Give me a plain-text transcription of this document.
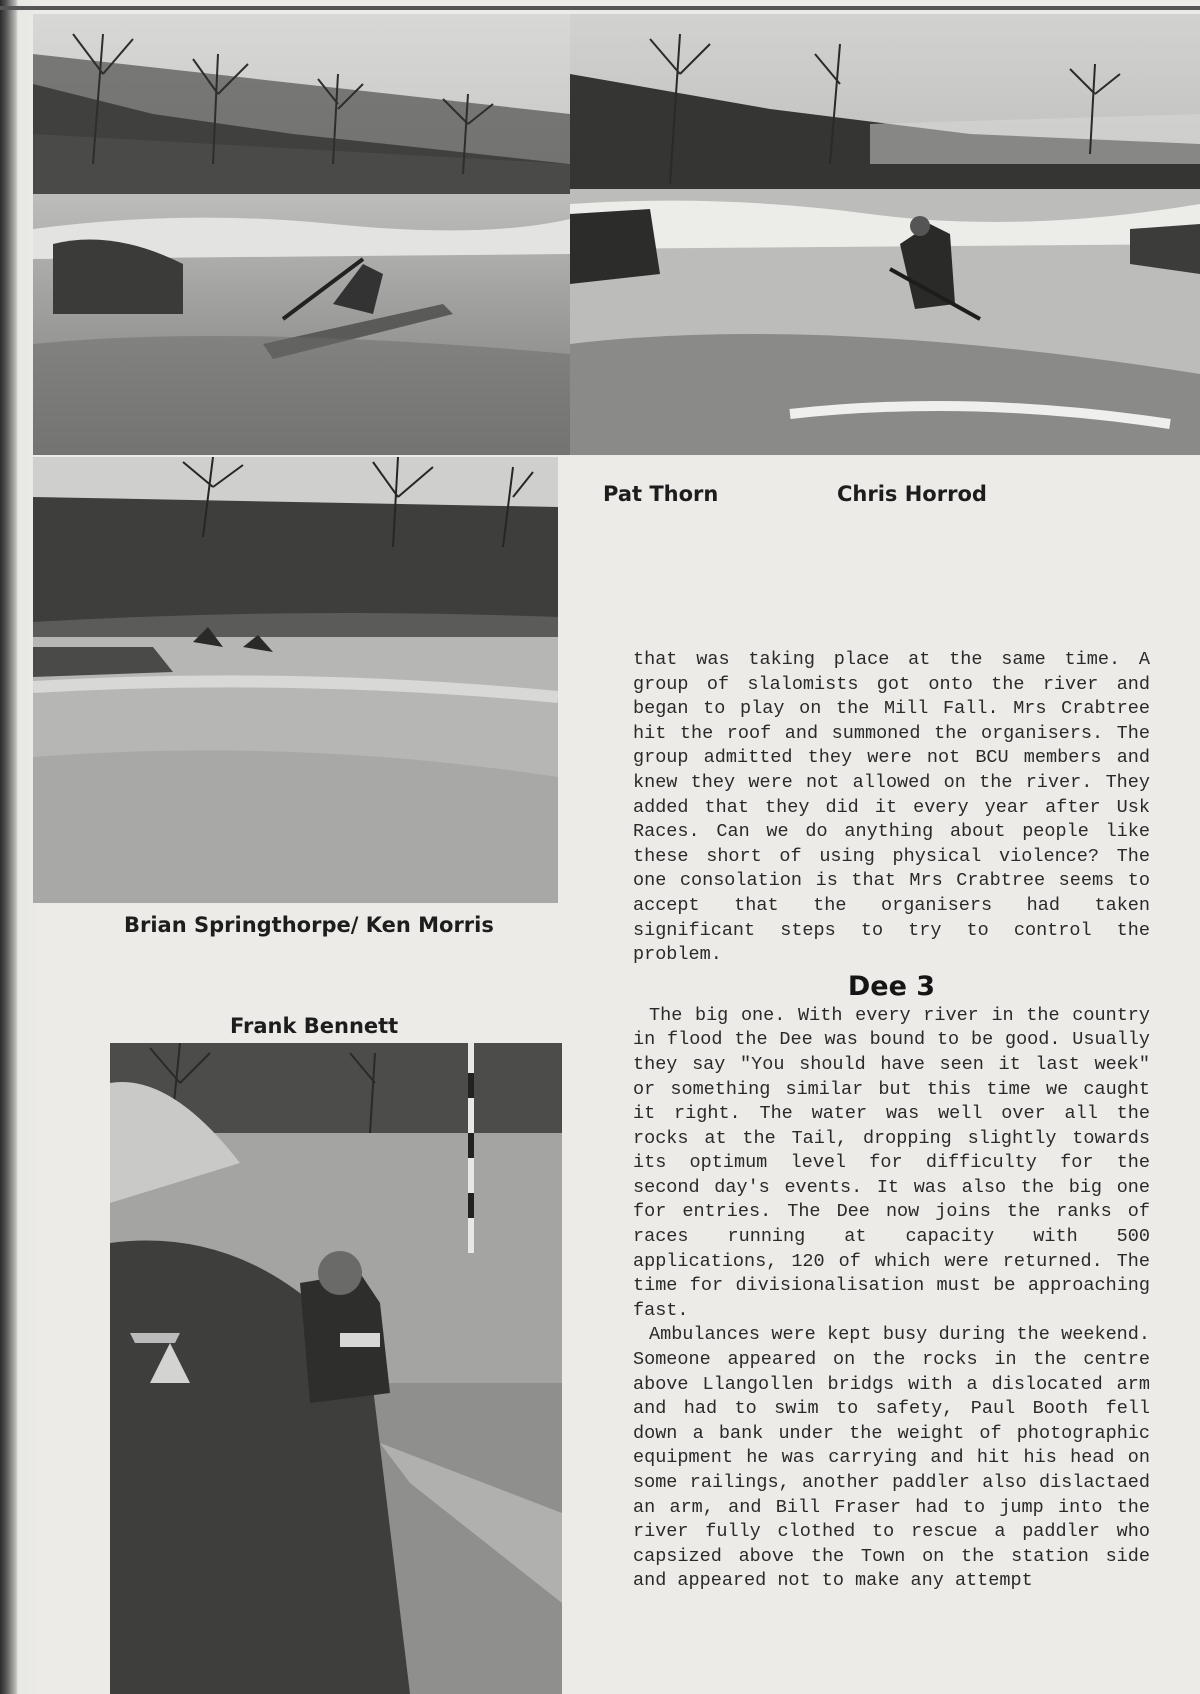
Pat Thorn	Chris Horrod
Brian Springthorpe/ Ken Morris
Frank Bennett

that was taking place at the same time. A group of slalomists got onto the river and began to play on the Mill Fall. Mrs Crabtree hit the roof and summoned the organisers. The group admitted they were not BCU members and knew they were not allowed on the river. They added that they did it every year after Usk Races. Can we do anything about people like these short of using physical violence? The one consolation is that Mrs Crabtree seems to accept that the organisers had taken significant steps to try to control the problem.

Dee 3

The big one. With every river in the country in flood the Dee was bound to be good. Usually they say "You should have seen it last week" or something similar but this time we caught it right. The water was well over all the rocks at the Tail, dropping slightly towards its optimum level for difficulty for the second day's events. It was also the big one for entries. The Dee now joins the ranks of races running at capacity with 500 applications, 120 of which were returned. The time for divisionalisation must be approaching fast.

Ambulances were kept busy during the weekend. Someone appeared on the rocks in the centre above Llangollen bridgs with a dislocated arm and had to swim to safety, Paul Booth fell down a bank under the weight of photographic equipment he was carrying and hit his head on some railings, another paddler also dislactaed an arm, and Bill Fraser had to jump into the river fully clothed to rescue a paddler who capsized above the Town on the station side and appeared not to make any attempt
